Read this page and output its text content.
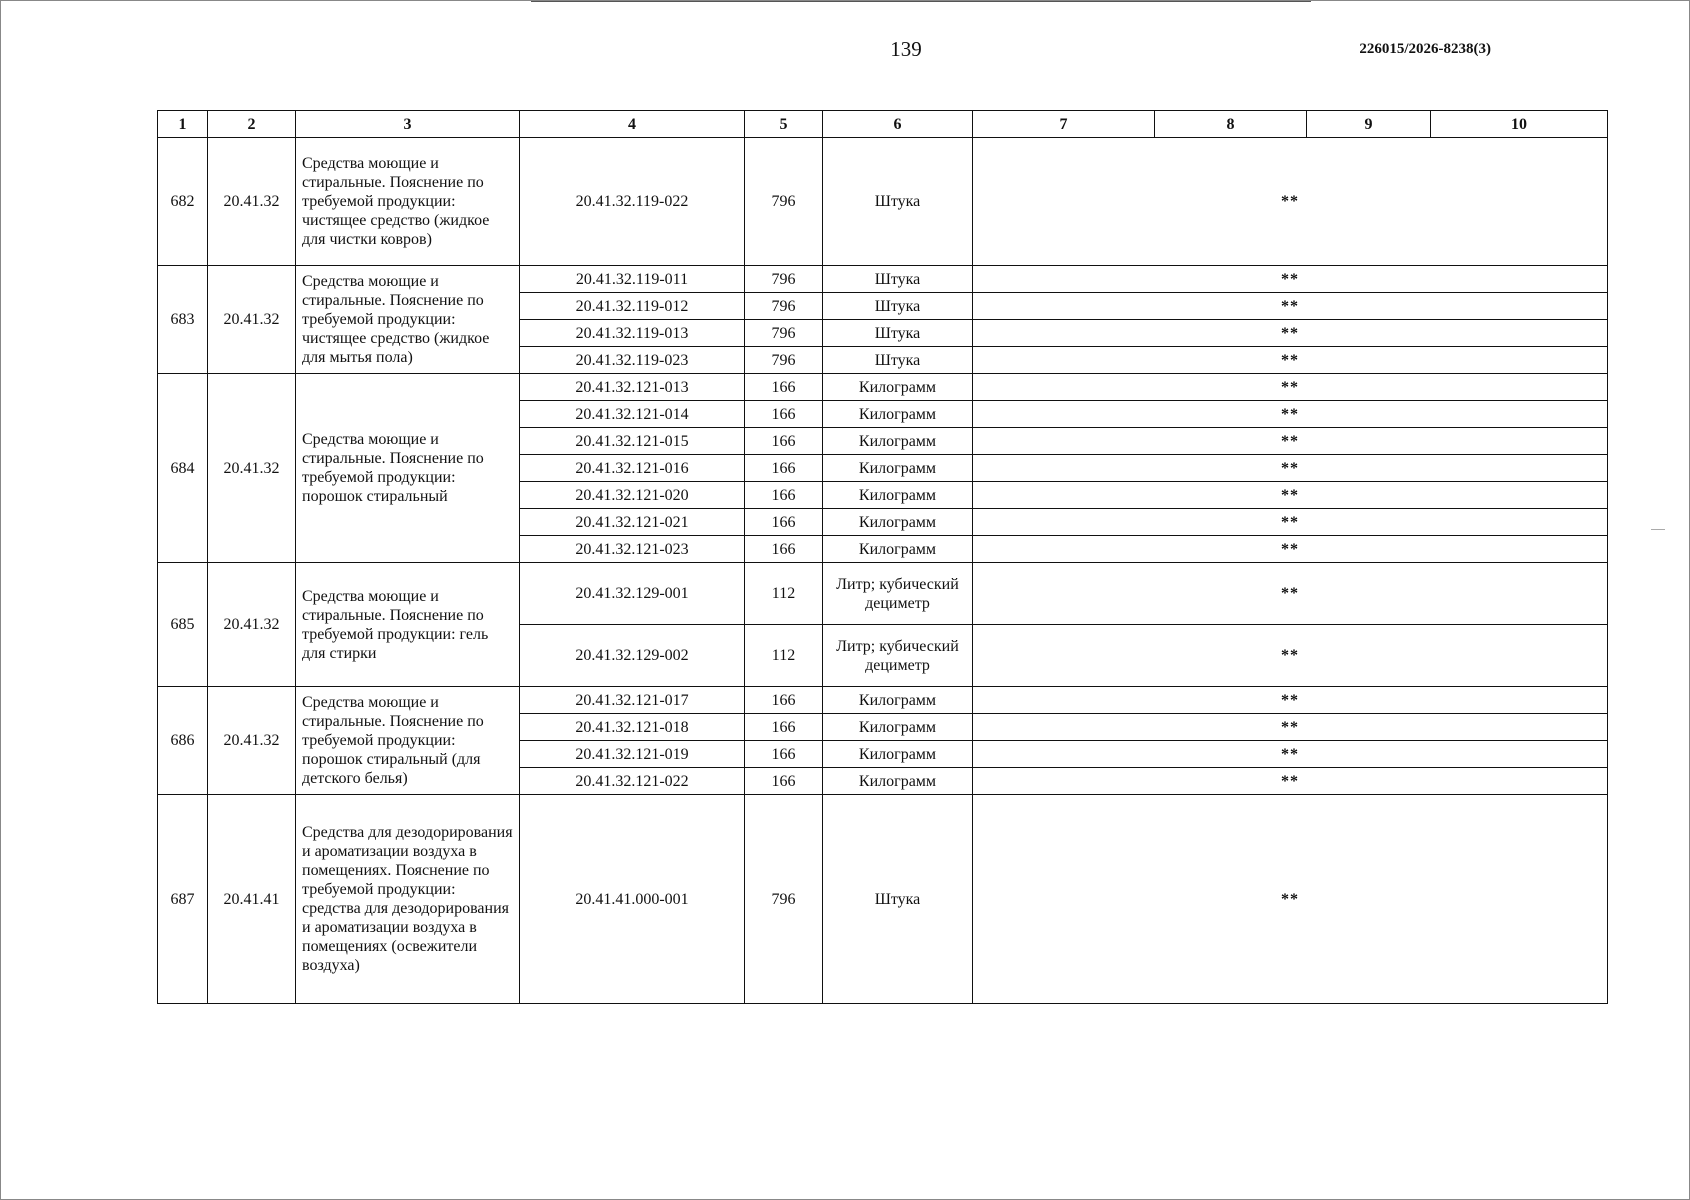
139	226015/2026-8238(3)
1	2	3	4	5	6	7	8	9	10
682	20.41.32	Средства моющие и стиральные. Пояснение по требуемой продукции: чистящее средство (жидкое для чистки ковров)	20.41.32.119-022	796	Штука	**			
683	20.41.32	Средства моющие и стиральные. Пояснение по требуемой продукции: чистящее средство (жидкое для мытья пола)	20.41.32.119-011	796	Штука	**			
			20.41.32.119-012	796	Штука	**			
			20.41.32.119-013	796	Штука	**			
			20.41.32.119-023	796	Штука	**			
684	20.41.32	Средства моющие и стиральные. Пояснение по требуемой продукции: порошок стиральный	20.41.32.121-013	166	Килограмм	**			
			20.41.32.121-014	166	Килограмм	**			
			20.41.32.121-015	166	Килограмм	**			
			20.41.32.121-016	166	Килограмм	**			
			20.41.32.121-020	166	Килограмм	**			
			20.41.32.121-021	166	Килограмм	**			
			20.41.32.121-023	166	Килограмм	**			
685	20.41.32	Средства моющие и стиральные. Пояснение по требуемой продукции: гель для стирки	20.41.32.129-001	112	Литр; кубический дециметр	**			
			20.41.32.129-002	112	Литр; кубический дециметр	**			
686	20.41.32	Средства моющие и стиральные. Пояснение по требуемой продукции: порошок стиральный (для детского белья)	20.41.32.121-017	166	Килограмм	**			
			20.41.32.121-018	166	Килограмм	**			
			20.41.32.121-019	166	Килограмм	**			
			20.41.32.121-022	166	Килограмм	**			
687	20.41.41	Средства для дезодорирования и ароматизации воздуха в помещениях. Пояснение по требуемой продукции: средства для дезодорирования и ароматизации воздуха в помещениях (освежители воздуха)	20.41.41.000-001	796	Штука	**			
